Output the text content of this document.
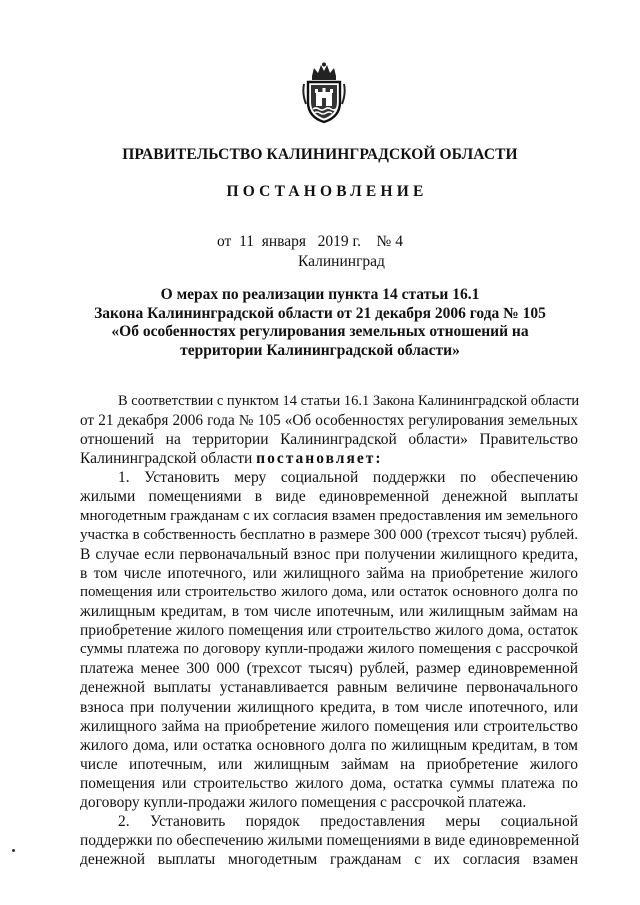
ПРАВИТЕЛЬСТВО КАЛИНИНГРАДСКОЙ ОБЛАСТИ
ПОСТАНОВЛЕНИЕ
от  11  января   2019 г.    № 4
Калининград
О мерах по реализации пункта 14 статьи 16.1
Закона Калининградской области от 21 декабря 2006 года № 105
«Об особенностях регулирования земельных отношений на
территории Калининградской области»
В соответствии с пунктом 14 статьи 16.1 Закона Калининградской области
от 21 декабря 2006 года № 105 «Об особенностях регулирования земельных
отношений на территории Калининградской области» Правительство
Калининградской области постановляет:
1. Установить меру социальной поддержки по обеспечению
жилыми помещениями в виде единовременной денежной выплаты
многодетным гражданам с их согласия взамен предоставления им земельного
участка в собственность бесплатно в размере 300 000 (трехсот тысяч) рублей.
В случае если первоначальный взнос при получении жилищного кредита,
в том числе ипотечного, или жилищного займа на приобретение жилого
помещения или строительство жилого дома, или остаток основного долга по
жилищным кредитам, в том числе ипотечным, или жилищным займам на
приобретение жилого помещения или строительство жилого дома, остаток
суммы платежа по договору купли-продажи жилого помещения с рассрочкой
платежа менее 300 000 (трехсот тысяч) рублей, размер единовременной
денежной выплаты устанавливается равным величине первоначального
взноса при получении жилищного кредита, в том числе ипотечного, или
жилищного займа на приобретение жилого помещения или строительство
жилого дома, или остатка основного долга по жилищным кредитам, в том
числе ипотечным, или жилищным займам на приобретение жилого
помещения или строительство жилого дома, остатка суммы платежа по
договору купли-продажи жилого помещения с рассрочкой платежа.
2. Установить порядок предоставления меры социальной
поддержки по обеспечению жилыми помещениями в виде единовременной
денежной выплаты многодетным гражданам с их согласия взамен
